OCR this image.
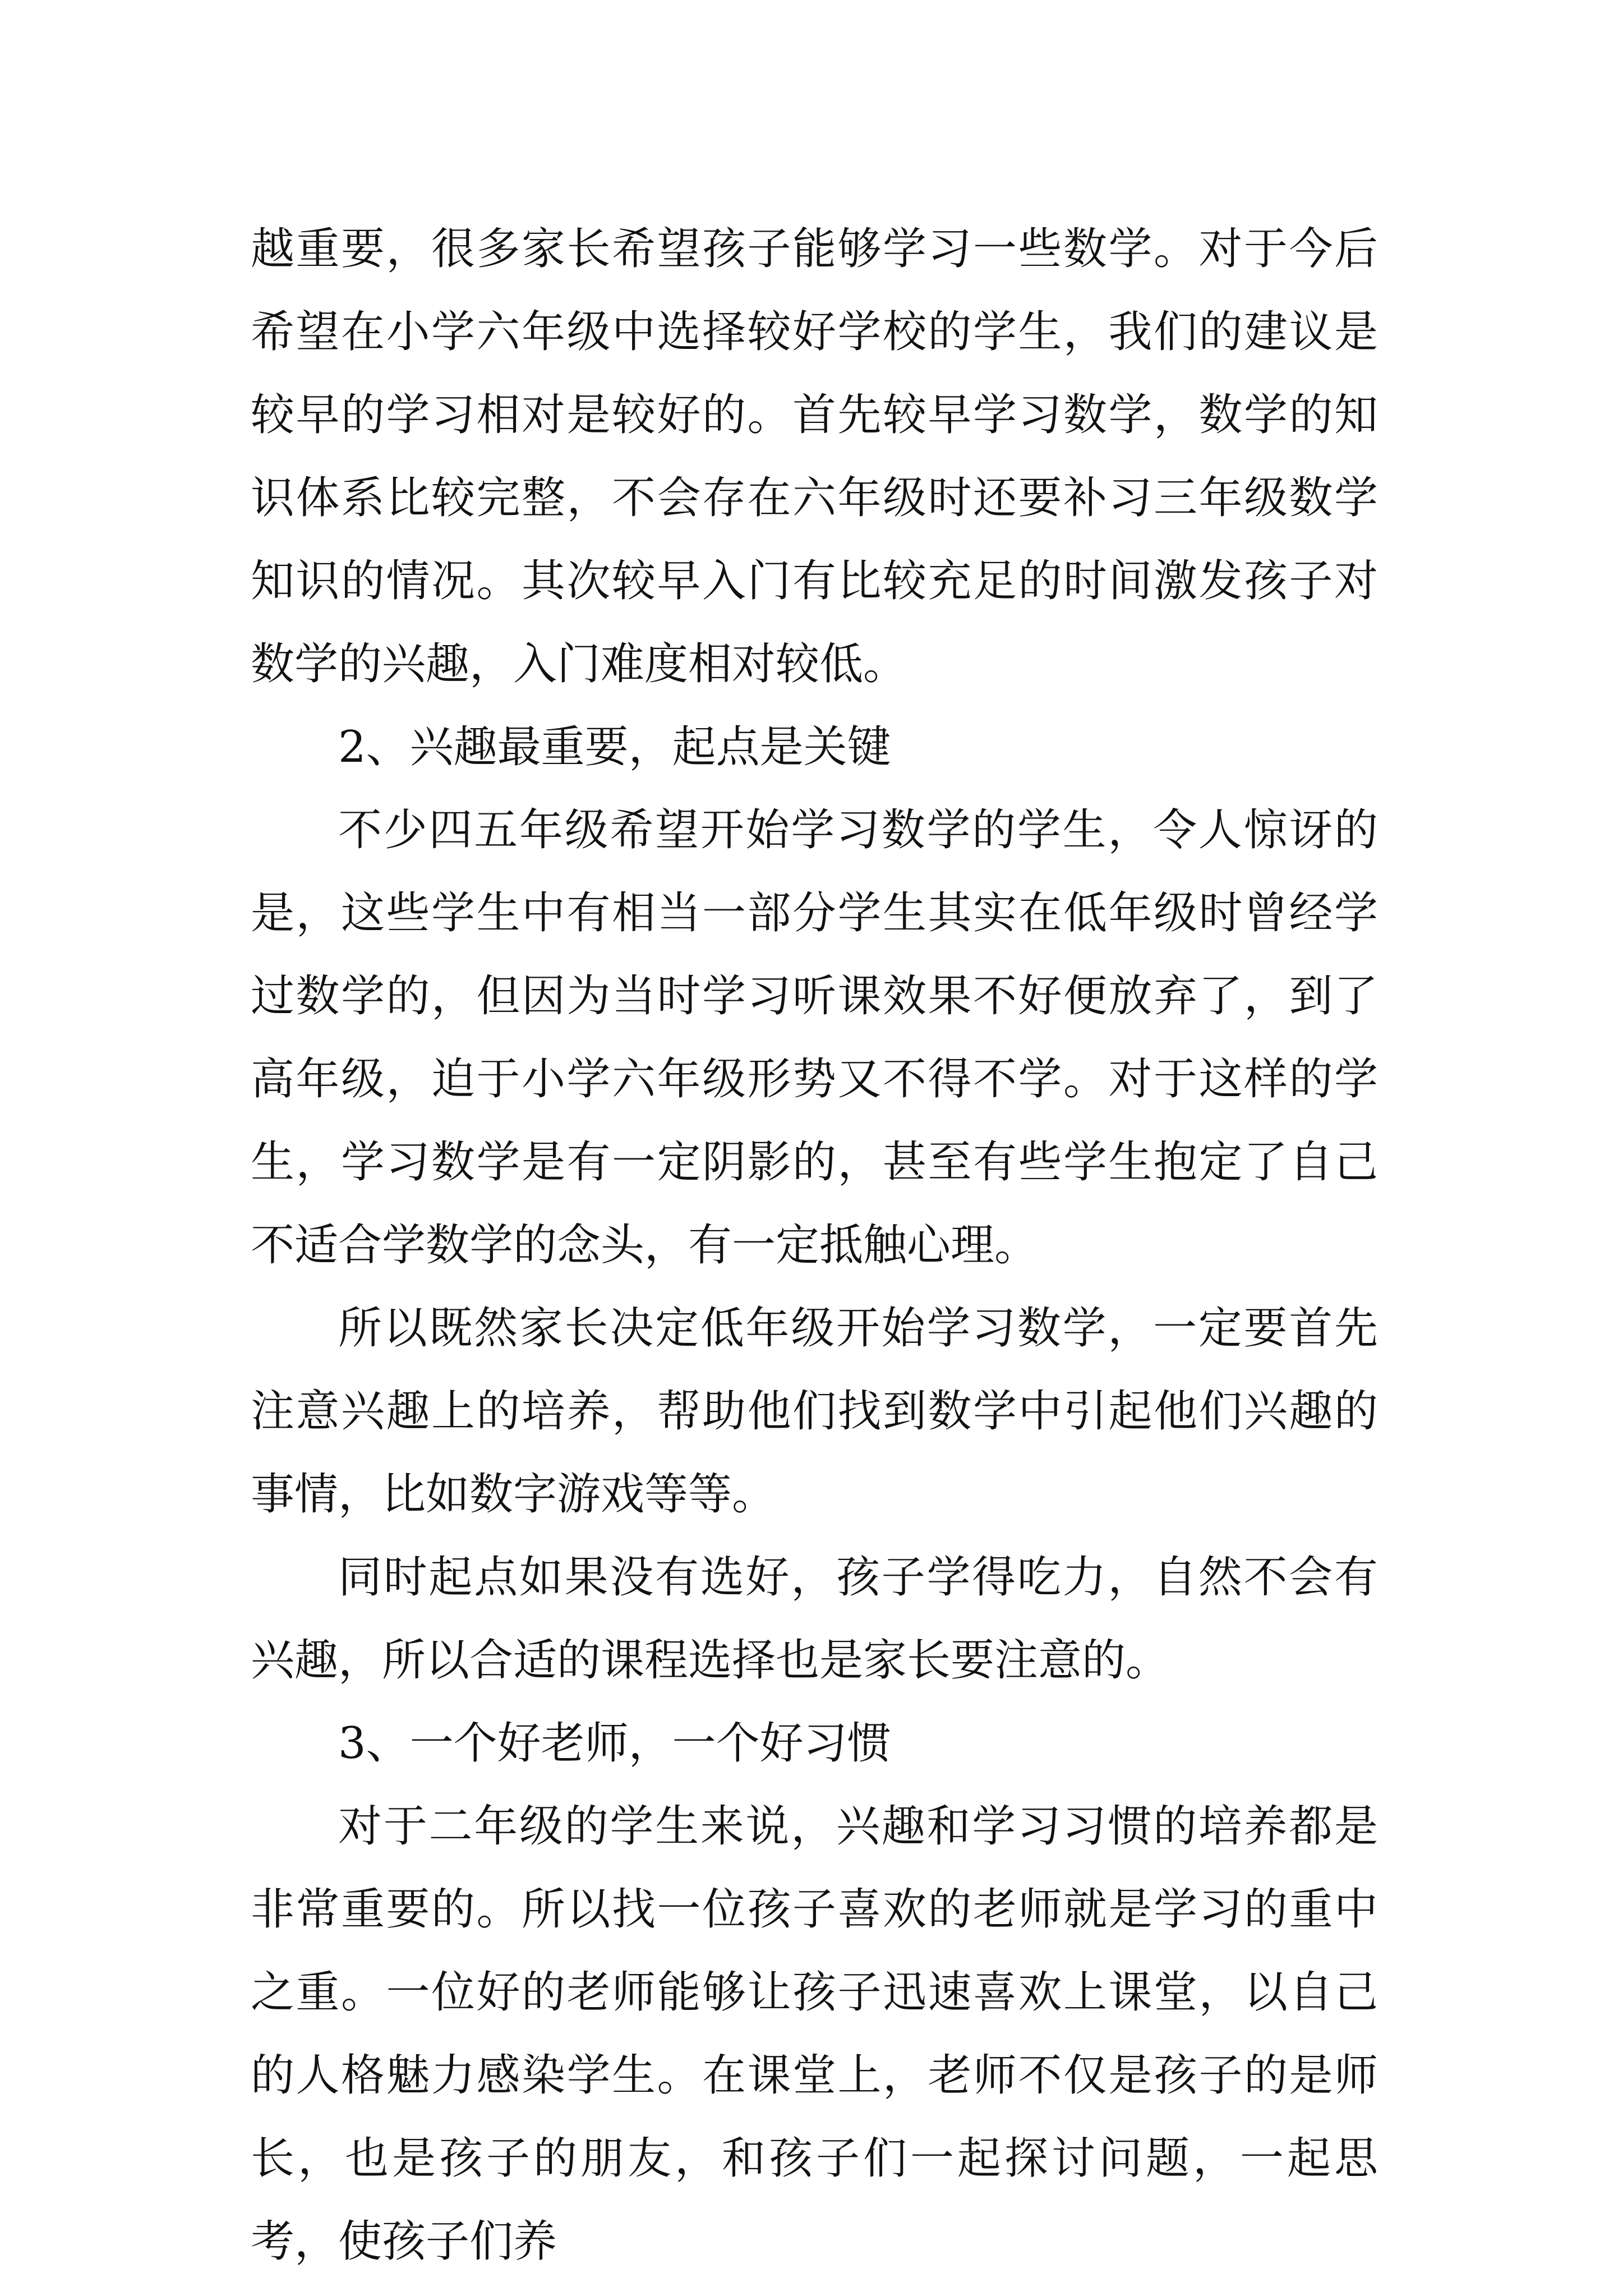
越重要，很多家长希望孩子能够学习一些数学。对于今后希望在小学六年级中选择较好学校的学生，我们的建议是较早的学习相对是较好的。首先较早学习数学，数学的知识体系比较完整，不会存在六年级时还要补习三年级数学知识的情况。其次较早入门有比较充足的时间激发孩子对数学的兴趣，入门难度相对较低。

2、兴趣最重要，起点是关键

不少四五年级希望开始学习数学的学生，令人惊讶的是，这些学生中有相当一部分学生其实在低年级时曾经学过数学的，但因为当时学习听课效果不好便放弃了，到了高年级，迫于小学六年级形势又不得不学。对于这样的学生，学习数学是有一定阴影的，甚至有些学生抱定了自己不适合学数学的念头，有一定抵触心理。

所以既然家长决定低年级开始学习数学，一定要首先注意兴趣上的培养，帮助他们找到数学中引起他们兴趣的事情，比如数字游戏等等。

同时起点如果没有选好，孩子学得吃力，自然不会有兴趣，所以合适的课程选择也是家长要注意的。

3、一个好老师，一个好习惯

对于二年级的学生来说，兴趣和学习习惯的培养都是非常重要的。所以找一位孩子喜欢的老师就是学习的重中之重。一位好的老师能够让孩子迅速喜欢上课堂，以自己的人格魅力感染学生。在课堂上，老师不仅是孩子的是师长，也是孩子的朋友，和孩子们一起探讨问题，一起思考，使孩子们养
